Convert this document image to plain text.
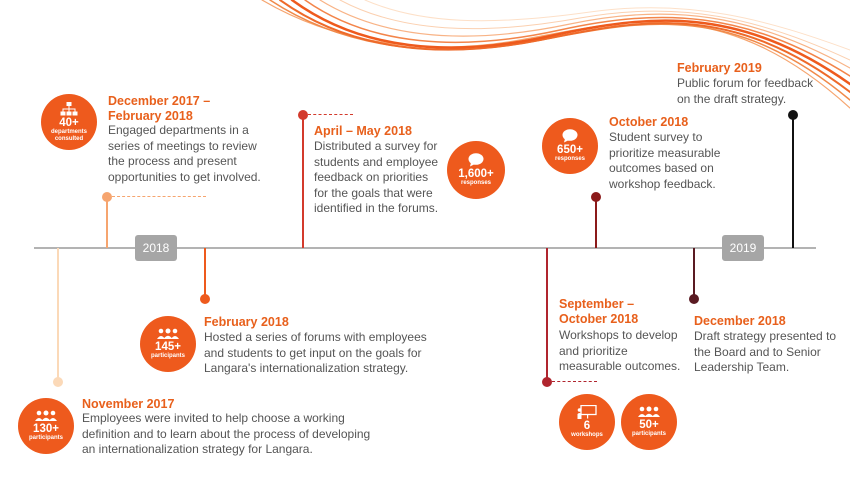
2018	2019
40+
departments consulted
December 2017 – February 2018
Engaged departments in a series of meetings to review the process and present opportunities to get involved.
130+
participants
November 2017
Employees were invited to help choose a working definition and to learn about the process of developing an internationalization strategy for Langara.
145+
participants
February 2018
Hosted a series of forums with employees and students to get input on the goals for Langara's internationalization strategy.
1,600+
responses
April – May 2018
Distributed a survey for students and employee feedback on priorities for the goals that were identified in the forums.
September – October 2018
Workshops to develop and prioritize measurable outcomes.
6
workshops
50+
participants
650+
responses
October 2018
Student survey to prioritize measurable outcomes based on workshop feedback.
December 2018
Draft strategy presented to the Board and to Senior Leadership Team.
February 2019
Public forum for feedback on the draft strategy.
